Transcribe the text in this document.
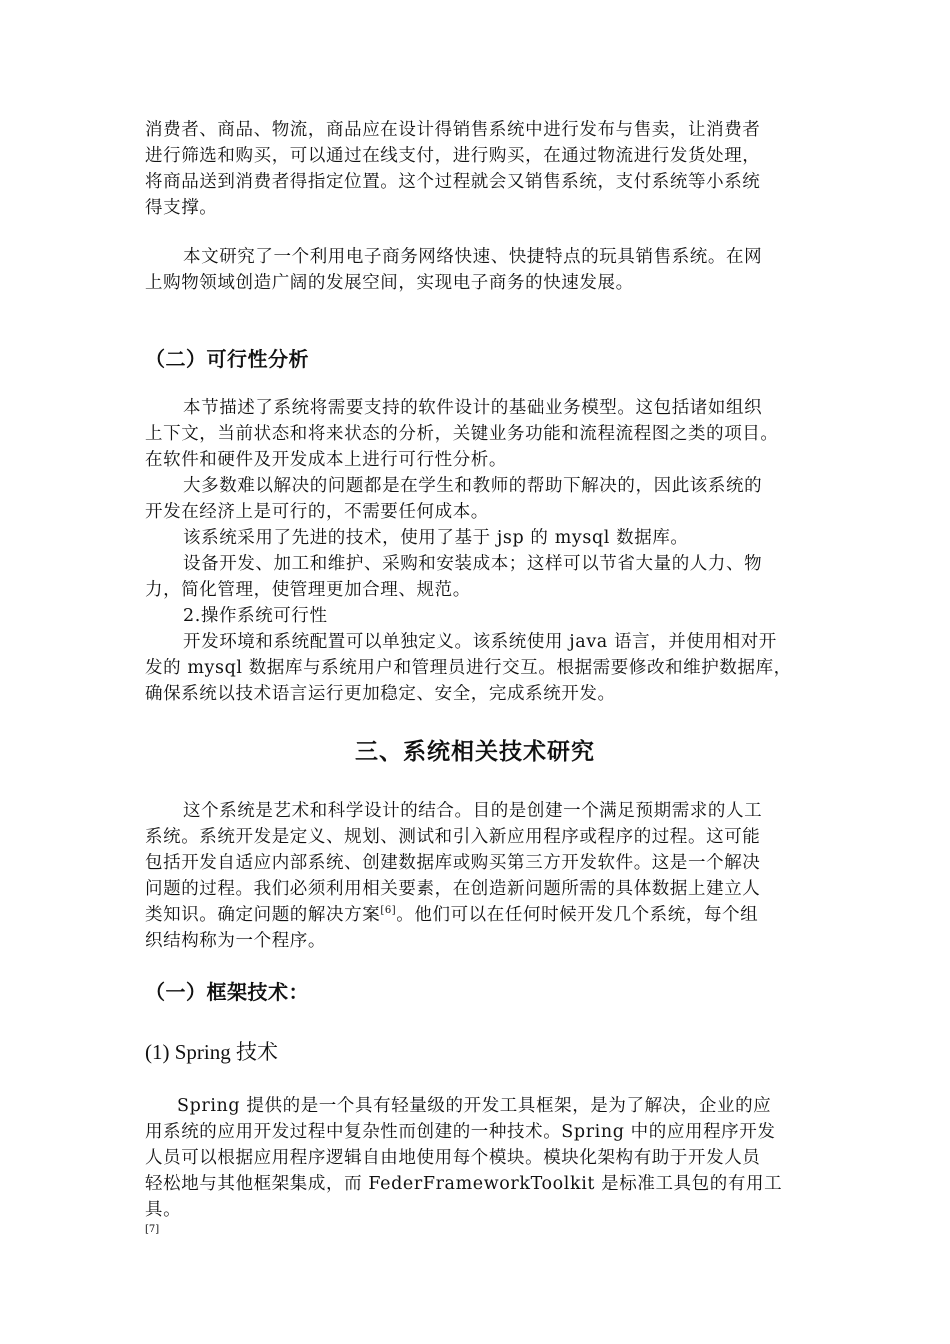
消费者、商品、物流，商品应在设计得销售系统中进行发布与售卖，让消费者
进行筛选和购买，可以通过在线支付，进行购买，在通过物流进行发货处理，
将商品送到消费者得指定位置。这个过程就会又销售系统，支付系统等小系统
得支撑。
本文研究了一个利用电子商务网络快速、快捷特点的玩具销售系统。在网
上购物领域创造广阔的发展空间，实现电子商务的快速发展。
（二）可行性分析
本节描述了系统将需要支持的软件设计的基础业务模型。这包括诸如组织
上下文，当前状态和将来状态的分析，关键业务功能和流程流程图之类的项目。
在软件和硬件及开发成本上进行可行性分析。
大多数难以解决的问题都是在学生和教师的帮助下解决的，因此该系统的
开发在经济上是可行的，不需要任何成本。
该系统采用了先进的技术，使用了基于 jsp 的 mysql 数据库。
设备开发、加工和维护、采购和安装成本；这样可以节省大量的人力、物
力，简化管理，使管理更加合理、规范。
2.操作系统可行性
开发环境和系统配置可以单独定义。该系统使用 java 语言，并使用相对开
发的 mysql 数据库与系统用户和管理员进行交互。根据需要修改和维护数据库，
确保系统以技术语言运行更加稳定、安全，完成系统开发。
三、系统相关技术研究
这个系统是艺术和科学设计的结合。目的是创建一个满足预期需求的人工
系统。系统开发是定义、规划、测试和引入新应用程序或程序的过程。这可能
包括开发自适应内部系统、创建数据库或购买第三方开发软件。这是一个解决
问题的过程。我们必须利用相关要素，在创造新问题所需的具体数据上建立人
类知识。确定问题的解决方案[6]。他们可以在任何时候开发几个系统，每个组
织结构称为一个程序。
（一）框架技术：
(1) Spring 技术
Spring 提供的是一个具有轻量级的开发工具框架，是为了解决，企业的应
用系统的应用开发过程中复杂性而创建的一种技术。Spring 中的应用程序开发
人员可以根据应用程序逻辑自由地使用每个模块。模块化架构有助于开发人员
轻松地与其他框架集成，而 FederFrameworkToolkit 是标准工具包的有用工具。
[7]
